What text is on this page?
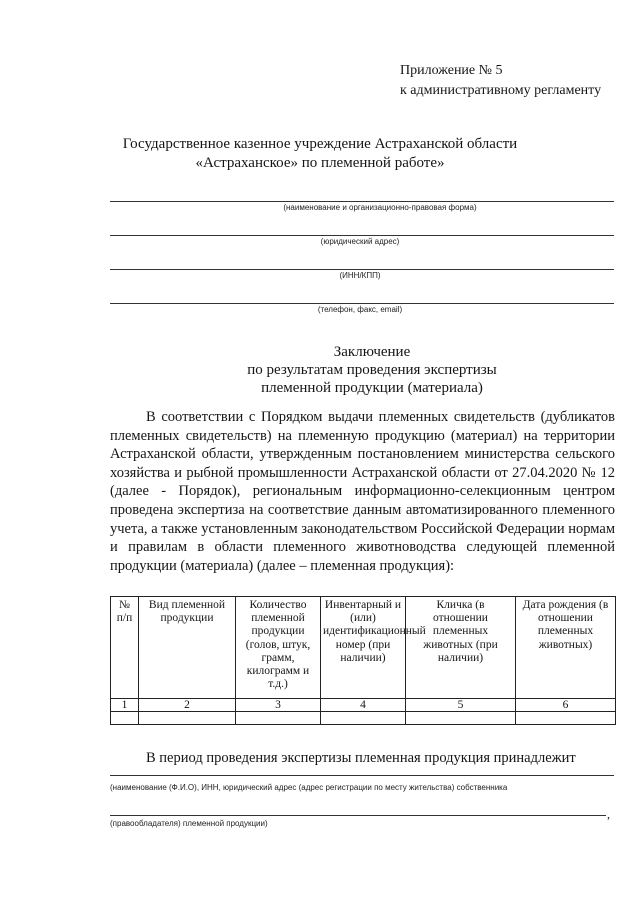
Приложение № 5
к административному регламенту
Государственное казенное учреждение Астраханской области
«Астраханское» по племенной работе»
(наименование и организационно-правовая форма)
(юридический адрес)
(ИНН/КПП)
(телефон, факс, email)
Заключение
по результатам проведения экспертизы
племенной продукции (материала)

В соответствии с Порядком выдачи племенных свидетельств (дубликатов племенных свидетельств) на племенную продукцию (материал) на территории Астраханской области, утвержденным постановлением министерства сельского хозяйства и рыбной промышленности Астраханской области от 27.04.2020 № 12 (далее - Порядок), региональным информационно-селекционным центром проведена экспертиза на соответствие данным автоматизированного племенного учета, а также установленным законодательством Российской Федерации нормам и правилам в области племенного животноводства следующей племенной продукции (материала) (далее – племенная продукция):

№ п/п	Вид племенной продукции	Количество племенной продукции (голов, штук, грамм, килограмм и т.д.)	Инвентарный и (или) идентификационный номер (при наличии)	Кличка (в отношении племенных животных (при наличии)	Дата рождения (в отношении племенных животных)
1	2	3	4	5	6

В период проведения экспертизы племенная продукция принадлежит
(наименование (Ф.И.О), ИНН, юридический адрес (адрес регистрации по месту жительства) собственника
,
(правообладателя) племенной продукции)
